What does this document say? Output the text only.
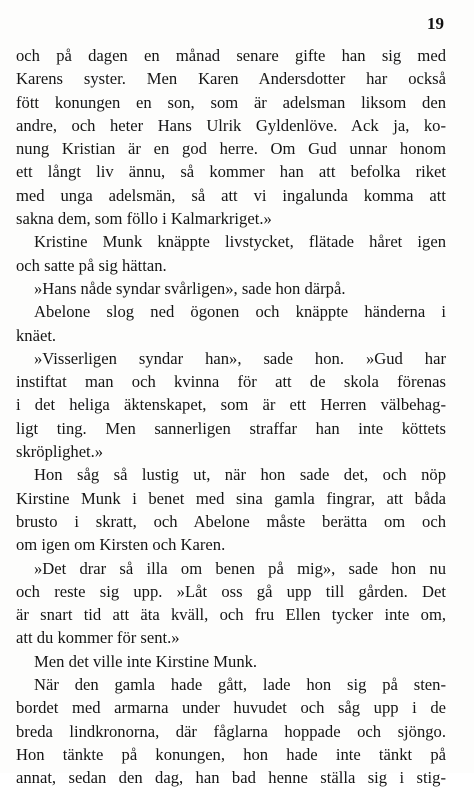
19
och på dagen en månad senare gifte han sig med
Karens syster. Men Karen Andersdotter har också
fött konungen en son, som är adelsman liksom den
andre, och heter Hans Ulrik Gyldenlöve. Ack ja, ko-
nung Kristian är en god herre. Om Gud unnar honom
ett långt liv ännu, så kommer han att befolka riket
med unga adelsmän, så att vi ingalunda komma att
sakna dem, som föllo i Kalmarkriget.»
Kristine Munk knäppte livstycket, flätade håret igen
och satte på sig hättan.
»Hans nåde syndar svårligen», sade hon därpå.
Abelone slog ned ögonen och knäppte händerna i
knäet.
»Visserligen syndar han», sade hon. »Gud har
instiftat man och kvinna för att de skola förenas
i det heliga äktenskapet, som är ett Herren välbehag-
ligt ting. Men sannerligen straffar han inte köttets
skröplighet.»
Hon såg så lustig ut, när hon sade det, och nöp
Kirstine Munk i benet med sina gamla fingrar, att båda
brusto i skratt, och Abelone måste berätta om och
om igen om Kirsten och Karen.
»Det drar så illa om benen på mig», sade hon nu
och reste sig upp. »Låt oss gå upp till gården. Det
är snart tid att äta kväll, och fru Ellen tycker inte om,
att du kommer för sent.»
Men det ville inte Kirstine Munk.
När den gamla hade gått, lade hon sig på sten-
bordet med armarna under huvudet och såg upp i de
breda lindkronorna, där fåglarna hoppade och sjöngo.
Hon tänkte på konungen, hon hade inte tänkt på
annat, sedan den dag, han bad henne ställa sig i stig-
